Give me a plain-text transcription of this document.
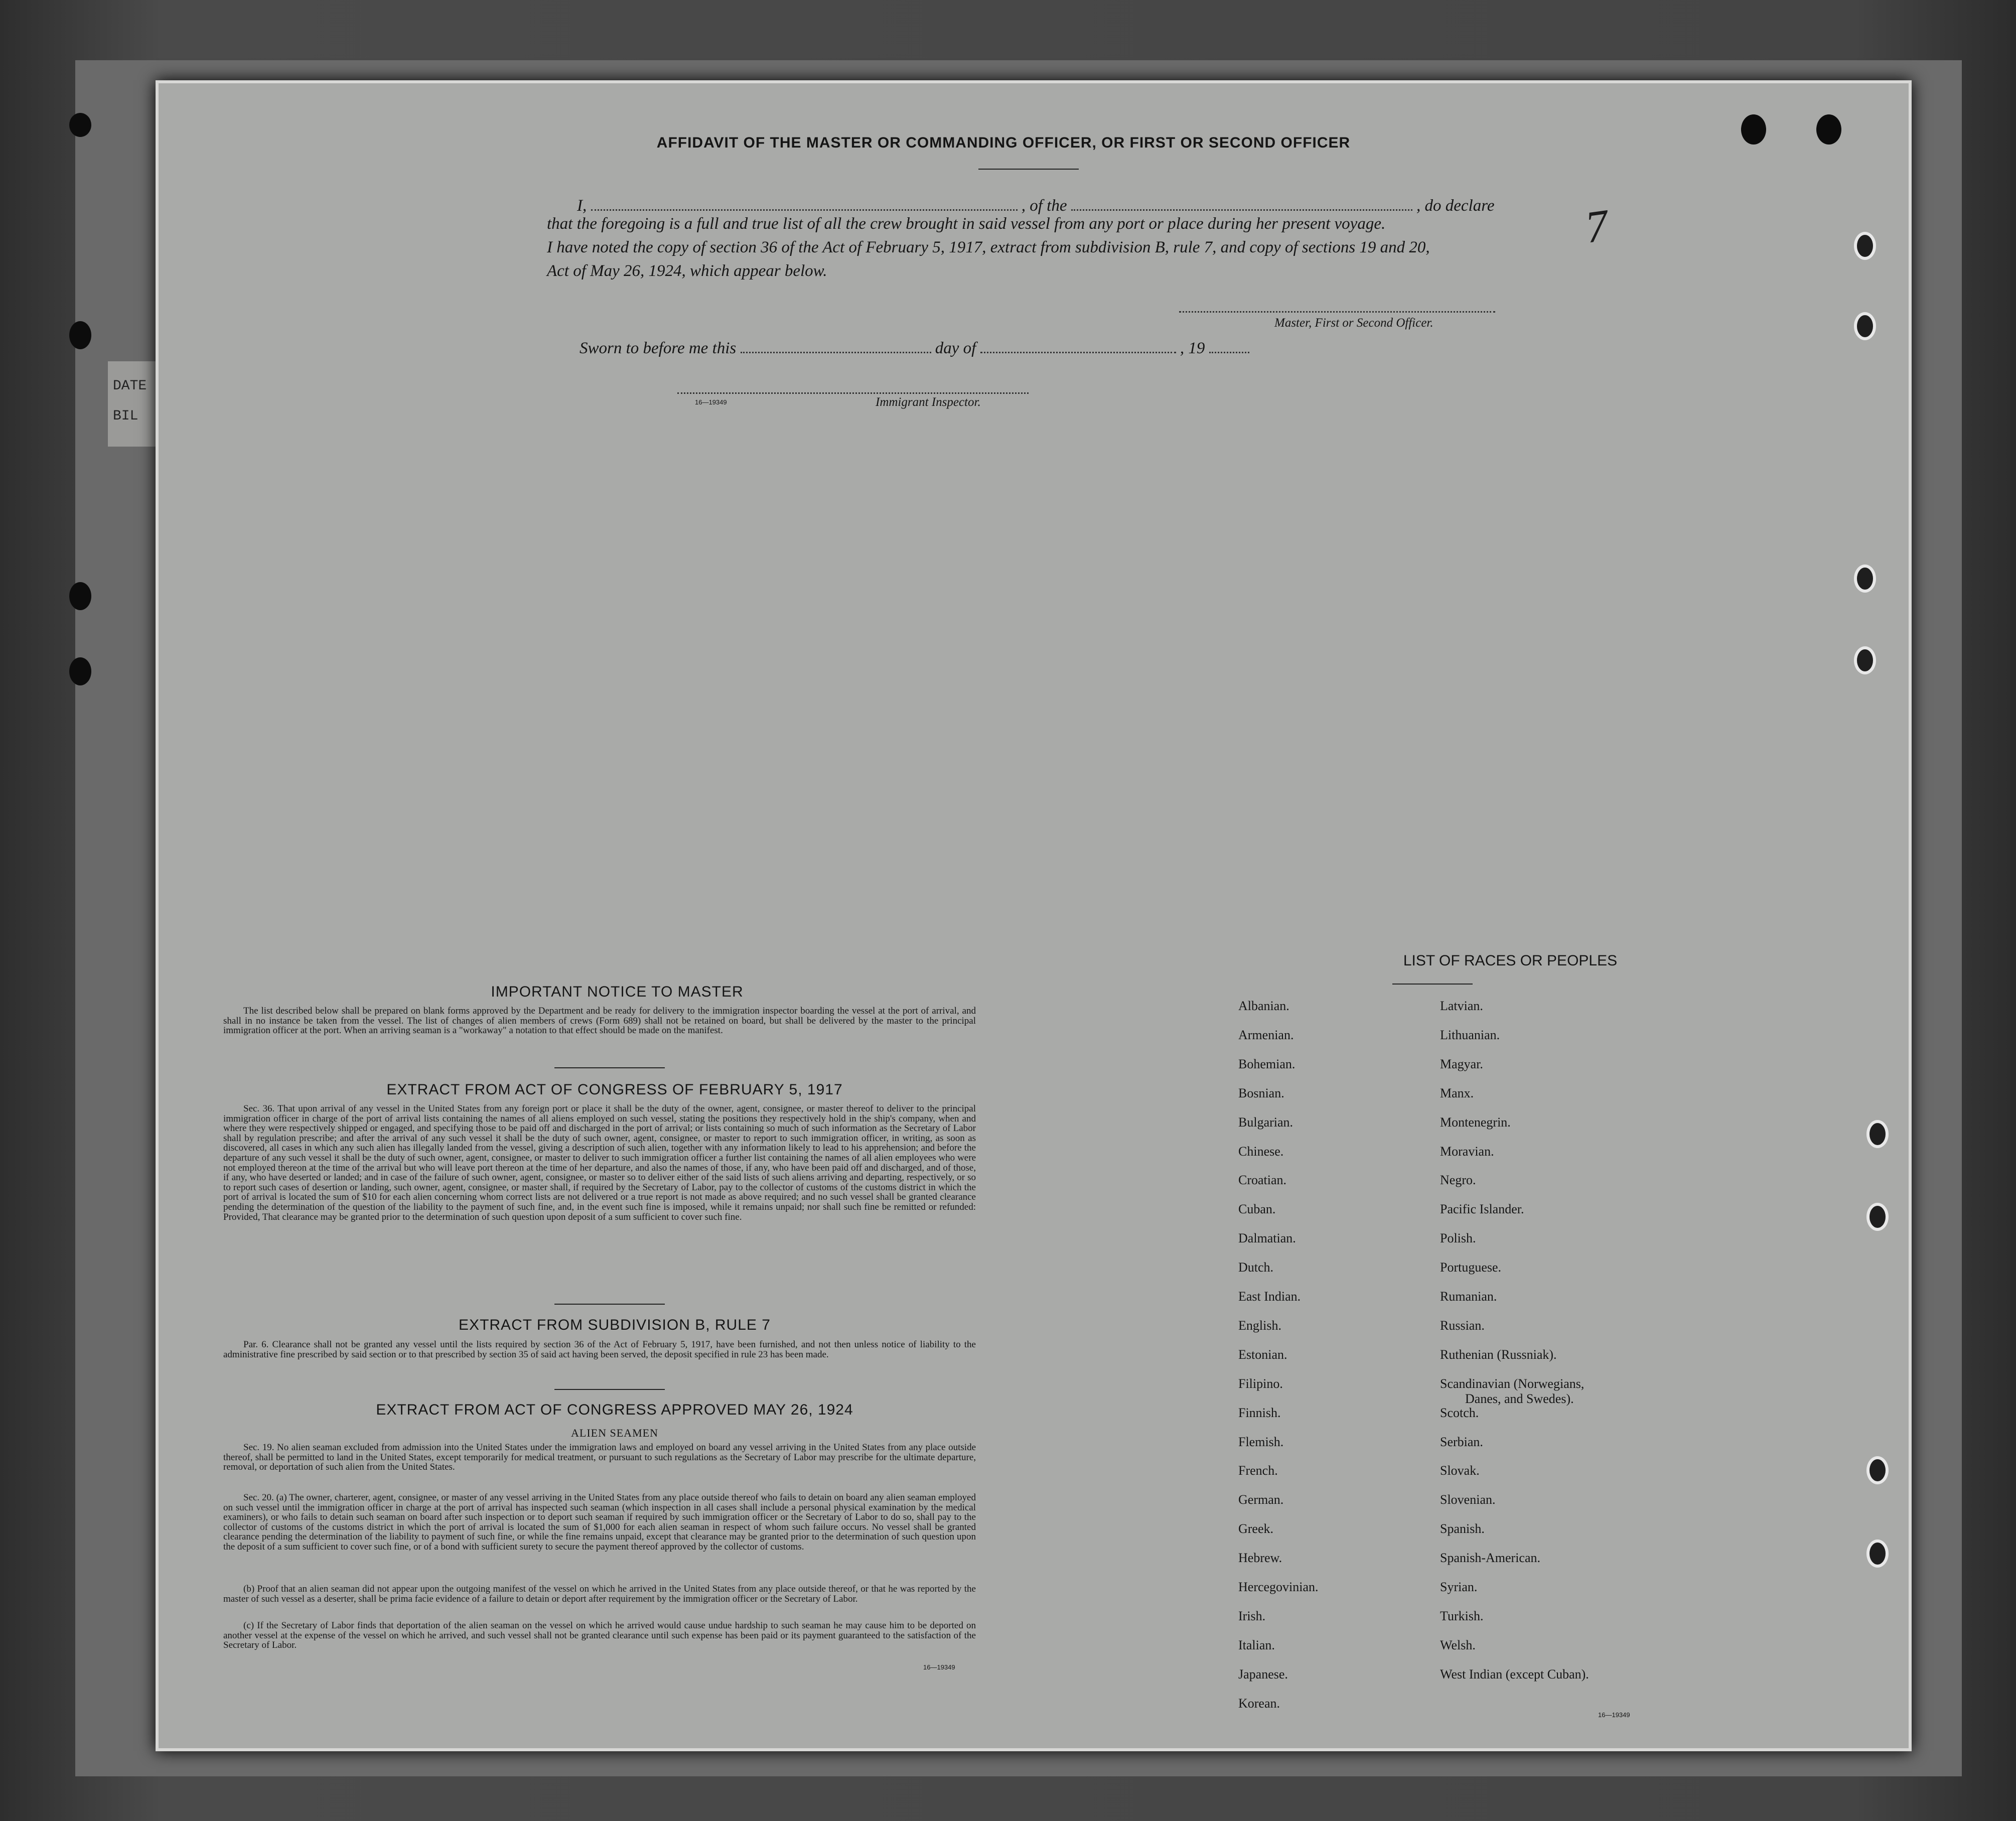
DATE
BIL
7
AFFIDAVIT OF THE MASTER OR COMMANDING OFFICER, OR FIRST OR SECOND OFFICER
I,	, of the	, do declare
that the foregoing is a full and true list of all the crew brought in said vessel from any port or place during her present voyage.
I have noted the copy of section 36 of the Act of February 5, 1917, extract from subdivision B, rule 7, and copy of sections 19 and 20,
Act of May 26, 1924, which appear below.
Master, First or Second Officer.
Sworn to before me this	day of	, 19
16—19349	Immigrant Inspector.
IMPORTANT NOTICE TO MASTER
The list described below shall be prepared on blank forms approved by the Department and be ready for delivery to the immigration inspector boarding the vessel at the port of arrival, and shall in no instance be taken from the vessel. The list of changes of alien members of crews (Form 689) shall not be retained on board, but shall be delivered by the master to the principal immigration officer at the port. When an arriving seaman is a "workaway" a notation to that effect should be made on the manifest.
EXTRACT FROM ACT OF CONGRESS OF FEBRUARY 5, 1917
Sec. 36. That upon arrival of any vessel in the United States from any foreign port or place it shall be the duty of the owner, agent, consignee, or master thereof to deliver to the principal immigration officer in charge of the port of arrival lists containing the names of all aliens employed on such vessel, stating the positions they respectively hold in the ship's company, when and where they were respectively shipped or engaged, and specifying those to be paid off and discharged in the port of arrival; or lists containing so much of such information as the Secretary of Labor shall by regulation prescribe; and after the arrival of any such vessel it shall be the duty of such owner, agent, consignee, or master to report to such immigration officer, in writing, as soon as discovered, all cases in which any such alien has illegally landed from the vessel, giving a description of such alien, together with any information likely to lead to his apprehension; and before the departure of any such vessel it shall be the duty of such owner, agent, consignee, or master to deliver to such immigration officer a further list containing the names of all alien employees who were not employed thereon at the time of the arrival but who will leave port thereon at the time of her departure, and also the names of those, if any, who have been paid off and discharged, and of those, if any, who have deserted or landed; and in case of the failure of such owner, agent, consignee, or master so to deliver either of the said lists of such aliens arriving and departing, respectively, or so to report such cases of desertion or landing, such owner, agent, consignee, or master shall, if required by the Secretary of Labor, pay to the collector of customs of the customs district in which the port of arrival is located the sum of $10 for each alien concerning whom correct lists are not delivered or a true report is not made as above required; and no such vessel shall be granted clearance pending the determination of the question of the liability to the payment of such fine, and, in the event such fine is imposed, while it remains unpaid; nor shall such fine be remitted or refunded: Provided, That clearance may be granted prior to the determination of such question upon deposit of a sum sufficient to cover such fine.
EXTRACT FROM SUBDIVISION B, RULE 7
Par. 6. Clearance shall not be granted any vessel until the lists required by section 36 of the Act of February 5, 1917, have been furnished, and not then unless notice of liability to the administrative fine prescribed by said section or to that prescribed by section 35 of said act having been served, the deposit specified in rule 23 has been made.
EXTRACT FROM ACT OF CONGRESS APPROVED MAY 26, 1924
ALIEN SEAMEN
Sec. 19. No alien seaman excluded from admission into the United States under the immigration laws and employed on board any vessel arriving in the United States from any place outside thereof, shall be permitted to land in the United States, except temporarily for medical treatment, or pursuant to such regulations as the Secretary of Labor may prescribe for the ultimate departure, removal, or deportation of such alien from the United States.
Sec. 20. (a) The owner, charterer, agent, consignee, or master of any vessel arriving in the United States from any place outside thereof who fails to detain on board any alien seaman employed on such vessel until the immigration officer in charge at the port of arrival has inspected such seaman (which inspection in all cases shall include a personal physical examination by the medical examiners), or who fails to detain such seaman on board after such inspection or to deport such seaman if required by such immigration officer or the Secretary of Labor to do so, shall pay to the collector of customs of the customs district in which the port of arrival is located the sum of $1,000 for each alien seaman in respect of whom such failure occurs. No vessel shall be granted clearance pending the determination of the liability to payment of such fine, or while the fine remains unpaid, except that clearance may be granted prior to the determination of such question upon the deposit of a sum sufficient to cover such fine, or of a bond with sufficient surety to secure the payment thereof approved by the collector of customs.
(b) Proof that an alien seaman did not appear upon the outgoing manifest of the vessel on which he arrived in the United States from any place outside thereof, or that he was reported by the master of such vessel as a deserter, shall be prima facie evidence of a failure to detain or deport after requirement by the immigration officer or the Secretary of Labor.
(c) If the Secretary of Labor finds that deportation of the alien seaman on the vessel on which he arrived would cause undue hardship to such seaman he may cause him to be deported on another vessel at the expense of the vessel on which he arrived, and such vessel shall not be granted clearance until such expense has been paid or its payment guaranteed to the satisfaction of the Secretary of Labor.
16—19349
LIST OF RACES OR PEOPLES
Albanian.
Armenian.
Bohemian.
Bosnian.
Bulgarian.
Chinese.
Croatian.
Cuban.
Dalmatian.
Dutch.
East Indian.
English.
Estonian.
Filipino.
Finnish.
Flemish.
French.
German.
Greek.
Hebrew.
Hercegovinian.
Irish.
Italian.
Japanese.
Korean.
Latvian.
Lithuanian.
Magyar.
Manx.
Montenegrin.
Moravian.
Negro.
Pacific Islander.
Polish.
Portuguese.
Rumanian.
Russian.
Ruthenian (Russniak).
Scandinavian (Norwegians,
Danes, and Swedes).
Scotch.
Serbian.
Slovak.
Slovenian.
Spanish.
Spanish-American.
Syrian.
Turkish.
Welsh.
West Indian (except Cuban).
16—19349
